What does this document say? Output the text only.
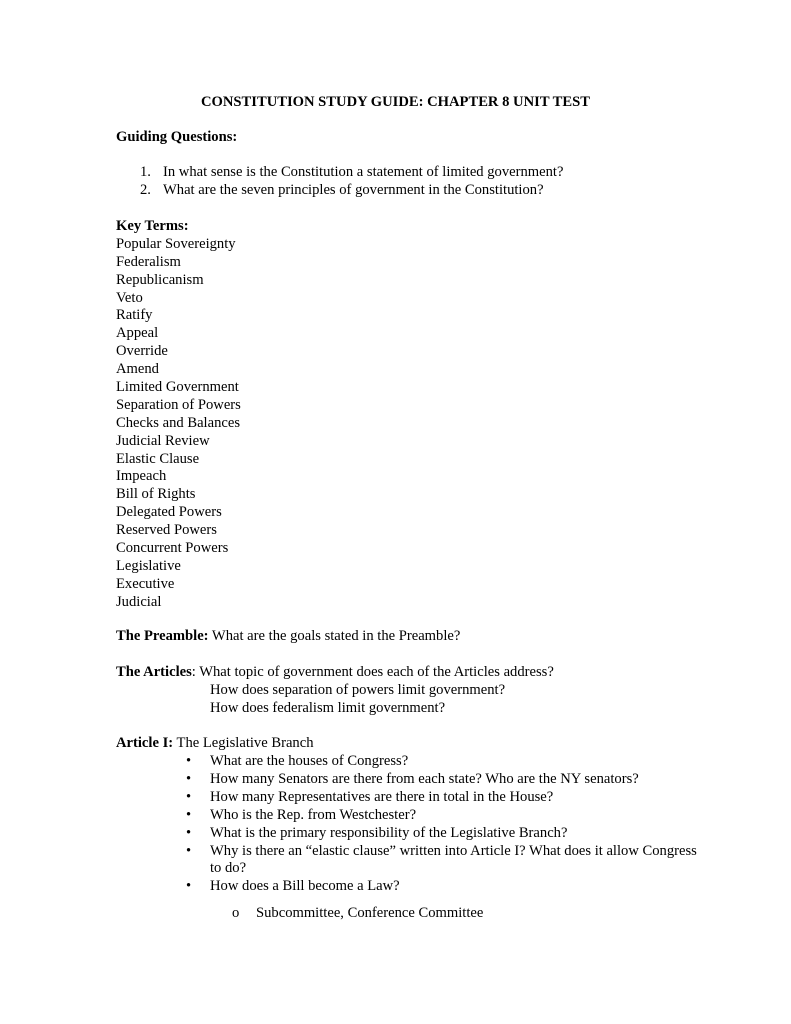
CONSTITUTION STUDY GUIDE: CHAPTER 8 UNIT TEST
Guiding Questions:
1. In what sense is the Constitution a statement of limited government?
2. What are the seven principles of government in the Constitution?
Key Terms:
Popular Sovereignty
Federalism
Republicanism
Veto
Ratify
Appeal
Override
Amend
Limited Government
Separation of Powers
Checks and Balances
Judicial Review
Elastic Clause
Impeach
Bill of Rights
Delegated Powers
Reserved Powers
Concurrent Powers
Legislative
Executive
Judicial
The Preamble: What are the goals stated in the Preamble?
The Articles: What topic of government does each of the Articles address?
How does separation of powers limit government?
How does federalism limit government?
Article I: The Legislative Branch
•	What are the houses of Congress?
•	How many Senators are there from each state? Who are the NY senators?
•	How many Representatives are there in total in the House?
•	Who is the Rep. from Westchester?
•	What is the primary responsibility of the Legislative Branch?
•	Why is there an “elastic clause” written into Article I? What does it allow Congress to do?
•	How does a Bill become a Law?
o	Subcommittee, Conference Committee
